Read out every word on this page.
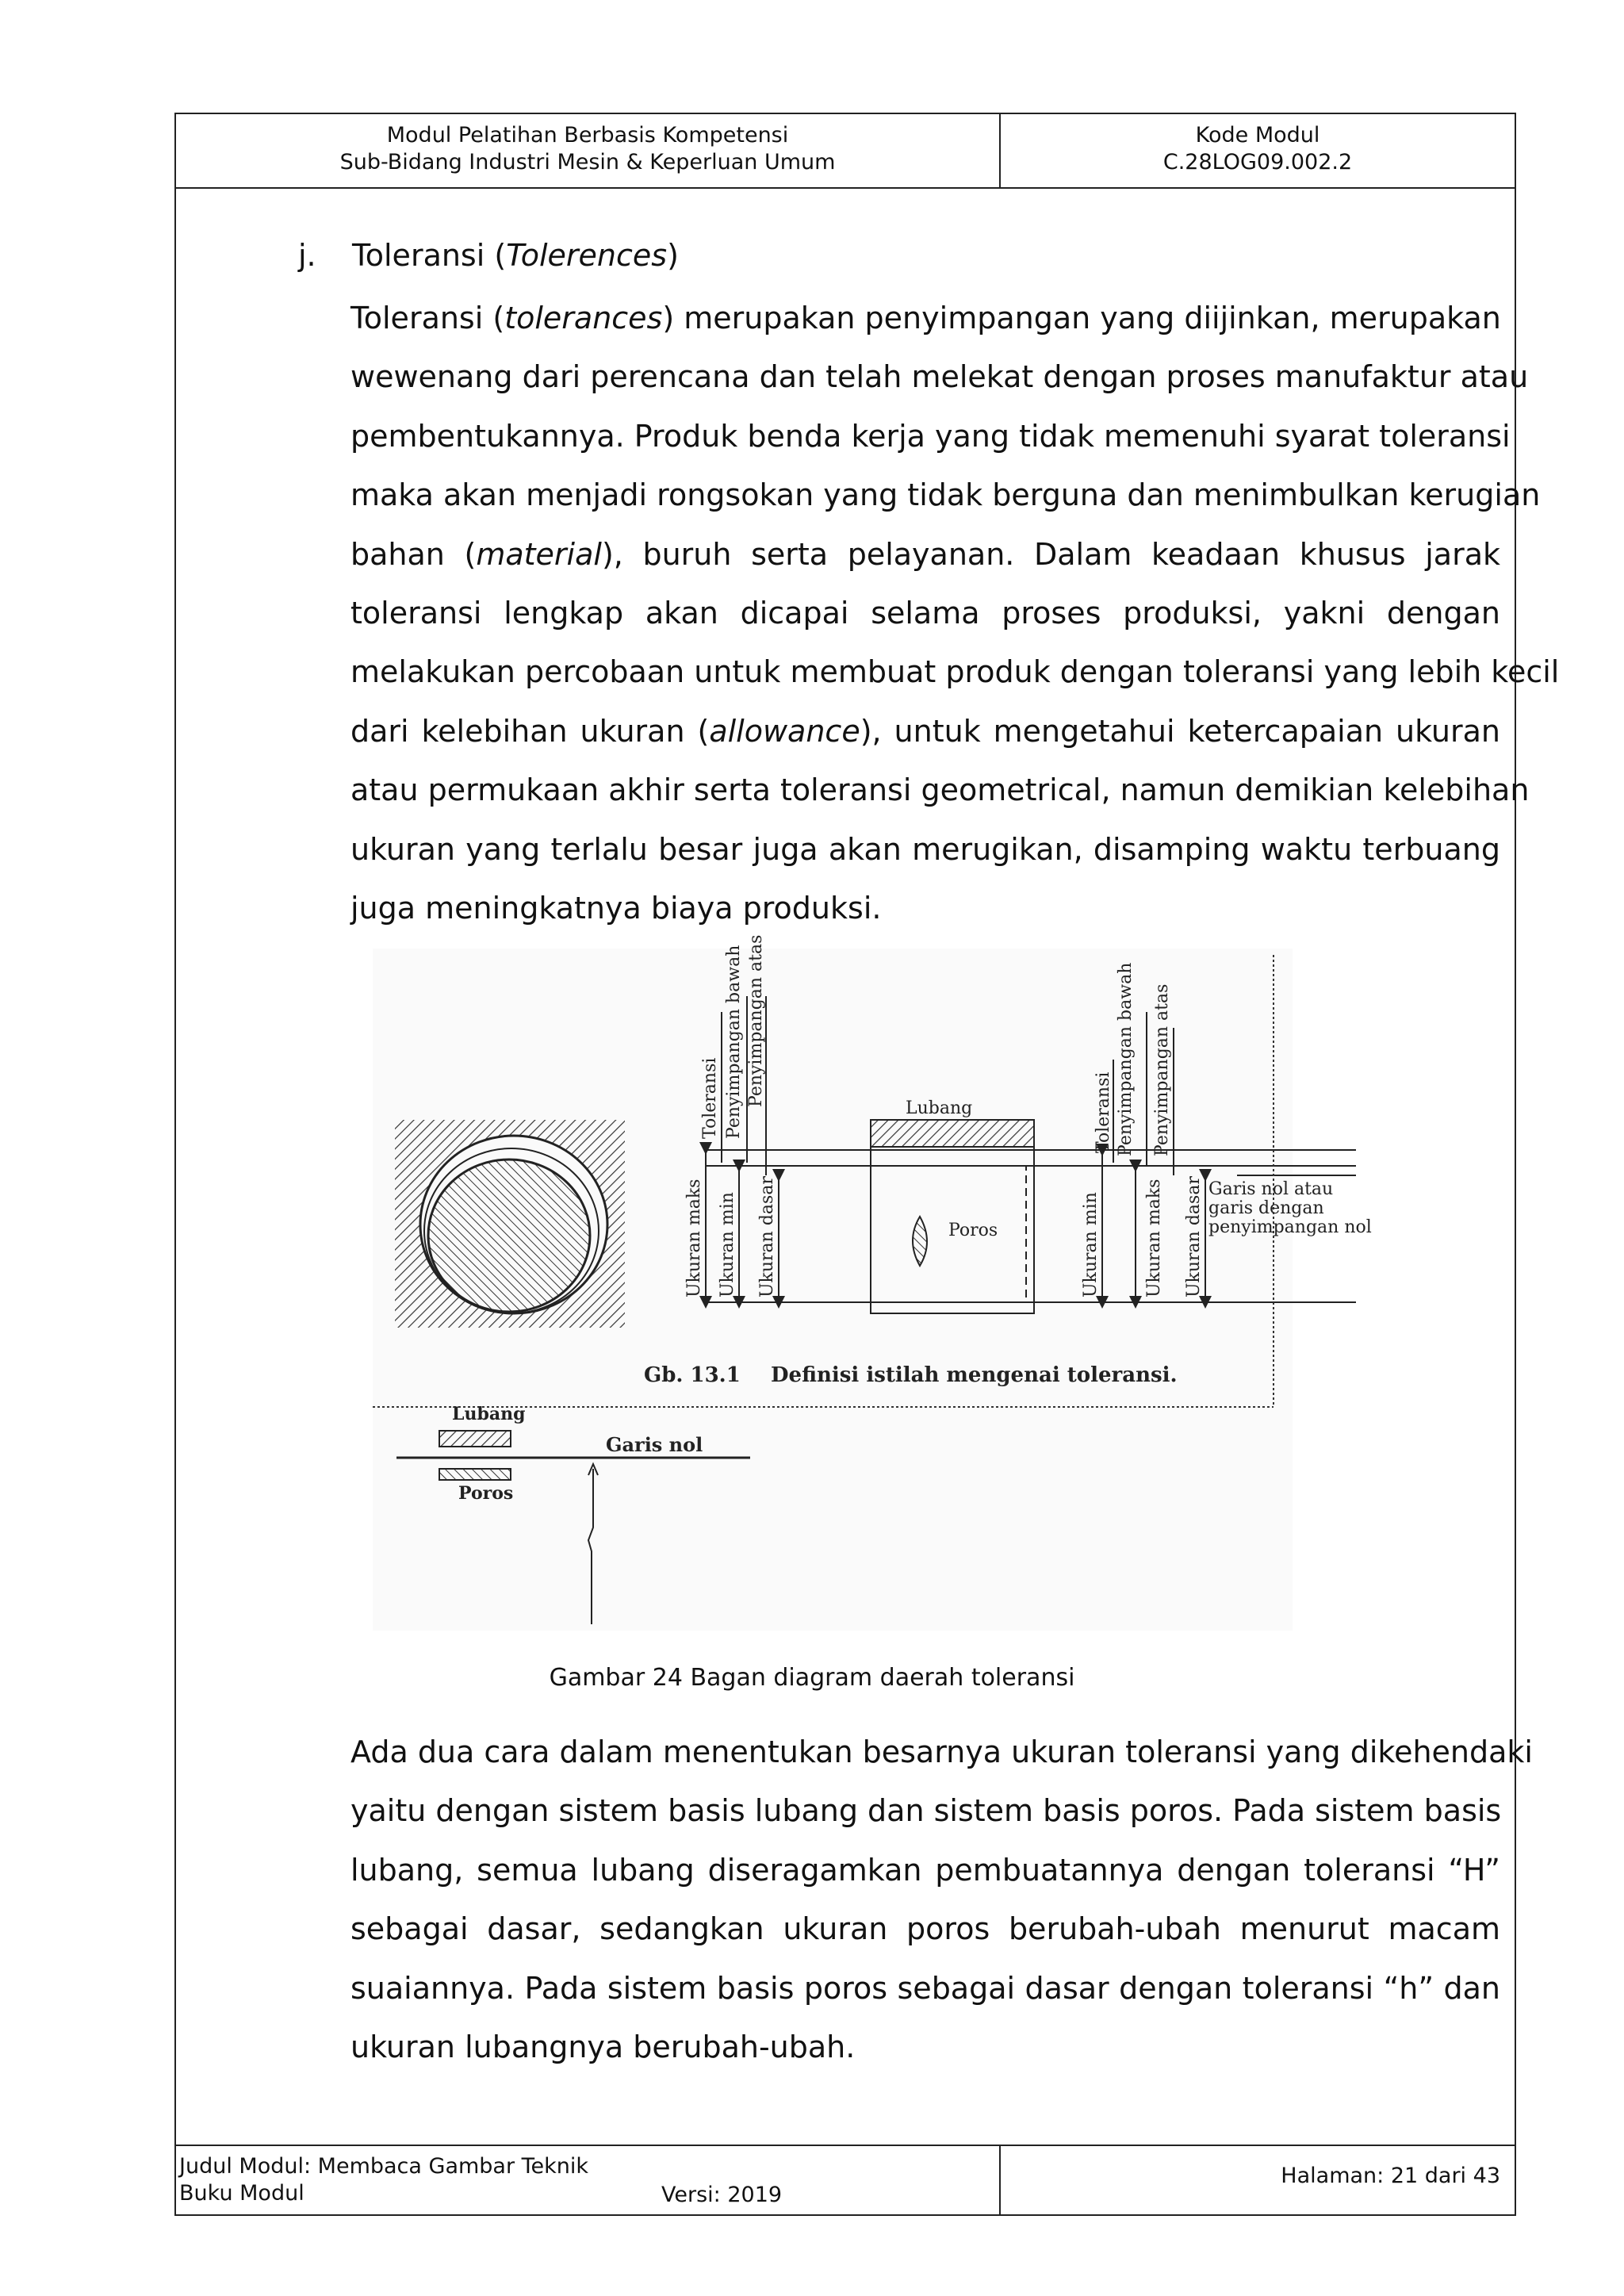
Modul Pelatihan Berbasis Kompetensi
Sub-Bidang Industri Mesin & Keperluan Umum
Kode Modul
C.28LOG09.002.2
Judul Modul: Membaca Gambar Teknik
Buku Modul	Versi: 2019
Halaman: 21 dari 43
j. Toleransi (Tolerences)
Toleransi (tolerances) merupakan penyimpangan yang diijinkan, merupakan
wewenang dari perencana dan telah melekat dengan proses manufaktur atau
pembentukannya. Produk benda kerja yang tidak memenuhi syarat toleransi
maka akan menjadi rongsokan yang tidak berguna dan menimbulkan kerugian
bahan (material), buruh serta pelayanan. Dalam keadaan khusus jarak
toleransi lengkap akan dicapai selama proses produksi, yakni dengan
melakukan percobaan untuk membuat produk dengan toleransi yang lebih kecil
dari kelebihan ukuran (allowance), untuk mengetahui ketercapaian ukuran
atau permukaan akhir serta toleransi geometrical, namun demikian kelebihan
ukuran yang terlalu besar juga akan merugikan, disamping waktu terbuang
juga meningkatnya biaya produksi.
Toleransi Penyimpangan bawah Penyimpangan atas
Ukuran maks Ukuran min Ukuran dasar
Lubang
Poros
Toleransi Penyimpangan bawah Penyimpangan atas
Ukuran min	Ukuran maks Ukuran dasar Garis nol atau
garis dengan
penyimpangan nol
Gb. 13.1 Definisi istilah mengenai toleransi.
Lubang
Garis nol
Poros
Gambar 24 Bagan diagram daerah toleransi
Ada dua cara dalam menentukan besarnya ukuran toleransi yang dikehendaki
yaitu dengan sistem basis lubang dan sistem basis poros. Pada sistem basis
lubang, semua lubang diseragamkan pembuatannya dengan toleransi “H”
sebagai dasar, sedangkan ukuran poros berubah-ubah menurut macam
suaiannya. Pada sistem basis poros sebagai dasar dengan toleransi “h” dan
ukuran lubangnya berubah-ubah.
